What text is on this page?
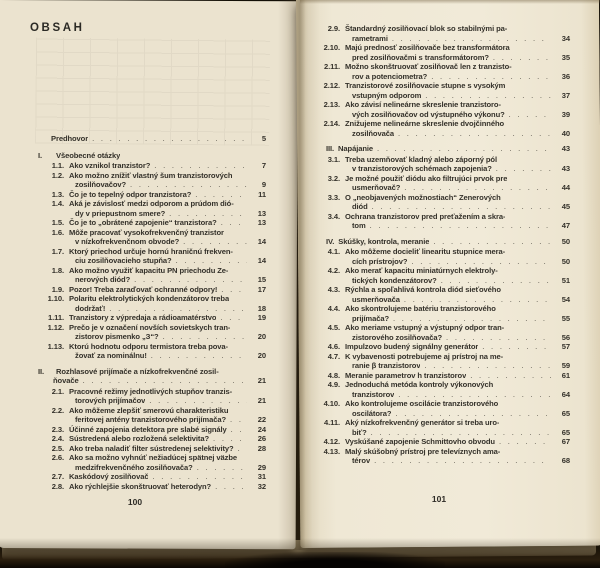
OBSAH
Predhovor . . .	5
I.	Všeobecné otázky
1.1. Ako vznikol tranzistor? . . .	7
1.2. Ako možno znížiť vlastný šum tranzistorových
zosilňovačov? . . .	9
1.3. Čo je to tepelný odpor tranzistora? . . .	11
1.4. Aká je závislosť medzi odporom a prúdom dió-
dy v priepustnom smere? . . .	13
1.5. Čo je to „obrátené zapojenie“ tranzistora? . . .	13
1.6. Môže pracovať vysokofrekvenčný tranzistor
v nízkofrekvenčnom obvode? . . .	14
1.7. Ktorý priechod určuje hornú hraničnú frekven-
ciu zosilňovacieho stupňa? . . .	14
1.8. Ako možno využiť kapacitu PN priechodu Ze-
nerových diód? . . .	15
1.9. Pozor! Treba zaraďovať ochranné odpory! . . .	17
1.10. Polaritu elektrolytických kondenzátorov treba
dodržať! . . .	18
1.11. Tranzistory z výpredaja a rádioamatérstvo . . .	19
1.12. Prečo je v označení novších sovietskych tran-
zistorov pismenko „З“? . . .	20
1.13. Ktorú hodnotu odporu termistora treba pova-
žovať za nominálnu! . . .	20
II.	Rozhlasové prijímače a nízkofrekvenčné zosil-
ňovače . . .	21
2.1. Pracovné režimy jednotlivých stupňov tranzis-
torových prijímačov . . .	21
2.2. Ako môžeme zlepšiť smerovú charakteristiku
feritovej antény tranzistorového prijímača? . . .	22
2.3. Účinné zapojenia detektora pre slabé signály . . .	24
2.4. Sústredená alebo rozložená selektivita? . . .	26
2.5. Ako treba naladiť filter sústredenej selektivity? . . .	28
2.6. Ako sa možno vyhnúť nežiadúcej spätnej väzbe
medzifrekvenčného zosilňovača? . . .	29
2.7. Kaskódový zosilňovač . . .	31
2.8. Ako rýchlejšie skonštruovať heterodyn? . . .	32
2.9. Štandardný zosilňovací blok so stabilnými pa-
rametrami . . .	34
2.10. Majú prednosť zosilňovače bez transformátora
pred zosilňovačmi s transformátorom? . . .	35
2.11. Možno skonštruovať zosilňovač len z tranzisto-
rov a potenciometra? . . .	36
2.12. Tranzistorové zosilňovacie stupne s vysokým
vstupným odporom . . .	37
2.13. Ako závisí nelineárne skreslenie tranzistoro-
vých zosilňovačov od výstupného výkonu? . . .	39
2.14. Znižujeme nelineárne skreslenie dvojčinného
zosilňovača . . .	40
III. Napájanie . . .	43
3.1. Treba uzemňovať kladný alebo záporný pól
v tranzistorových schémach zapojenia? . . .	43
3.2. Je možné použiť diódu ako filtrujúci prvok pre
usmerňovač? . . .	44
3.3. O „neobjavených možnostiach“ Zenerových
diód . . .	45
3.4. Ochrana tranzistorov pred preťažením a skra-
tom . . .	47
IV. Skúšky, kontrola, meranie . . .	50
4.1. Ako môžeme docieliť linearitu stupnice mera-
cích prístrojov? . . .	50
4.2. Ako merať kapacitu miniatúrnych elektroly-
tických kondenzátorov? . . .	51
4.3. Rýchla a spoľahlivá kontrola diód sieťového
usmerňovača . . .	54
4.4. Ako skontrolujeme batériu tranzistorového
prijímača? . . .	55
4.5. Ako meriame vstupný a výstupný odpor tran-
zistorového zosilňovača? . . .	56
4.6. Impulzovo budený signálny generátor . . .	57
4.7. K vybavenosti potrebujeme aj prístroj na me-
ranie β tranzistorov . . .	59
4.8. Meranie parametrov h tranzistorov . . .	61
4.9. Jednoduchá metóda kontroly výkonových
tranzistorov . . .	64
4.10. Ako kontrolujeme oscilácie tranzistorového
oscilátora? . . .	65
4.11. Aký nízkofrekvenčný generátor si treba uro-
biť? . . .	65
4.12. Vyskúšané zapojenie Schmittovho obvodu . . .	67
4.13. Malý skúšobný prístroj pre televíznych ama-
térov . . .	68
100	101
